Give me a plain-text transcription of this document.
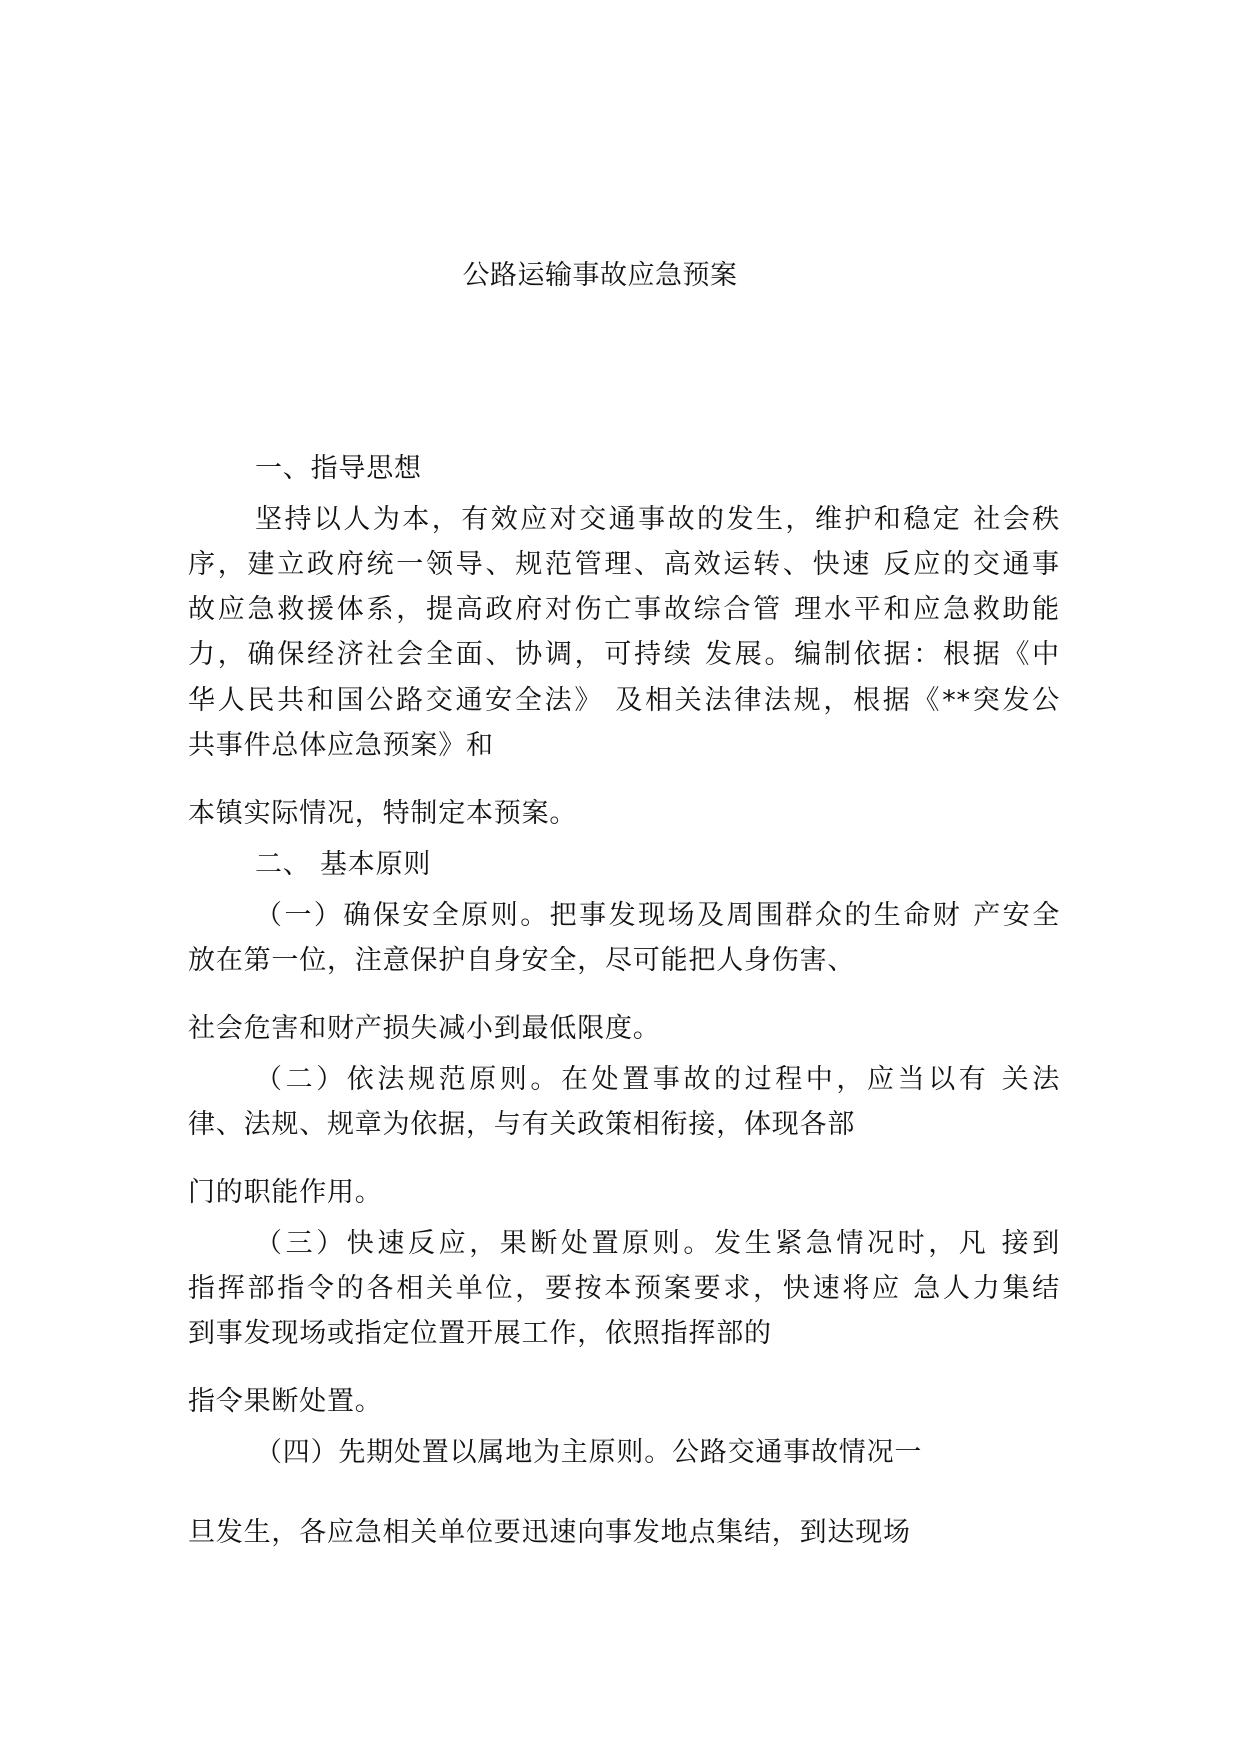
公路运输事故应急预案
一、指导思想
坚持以人为本，有效应对交通事故的发生，维护和稳定 社会秩
序，建立政府统一领导、规范管理、高效运转、快速 反应的交通事
故应急救援体系，提高政府对伤亡事故综合管 理水平和应急救助能
力，确保经济社会全面、协调，可持续 发展。编制依据：根据《中
华人民共和国公路交通安全法》 及相关法律法规，根据《**突发公
共事件总体应急预案》和
本镇实际情况，特制定本预案。
二、 基本原则
（一）确保安全原则。把事发现场及周围群众的生命财 产安全
放在第一位，注意保护自身安全，尽可能把人身伤害、
社会危害和财产损失减小到最低限度。
（二）依法规范原则。在处置事故的过程中，应当以有 关法
律、法规、规章为依据，与有关政策相衔接，体现各部
门的职能作用。
（三）快速反应，果断处置原则。发生紧急情况时，凡 接到
指挥部指令的各相关单位，要按本预案要求，快速将应 急人力集结
到事发现场或指定位置开展工作，依照指挥部的
指令果断处置。
（四）先期处置以属地为主原则。公路交通事故情况一
旦发生，各应急相关单位要迅速向事发地点集结，到达现场
